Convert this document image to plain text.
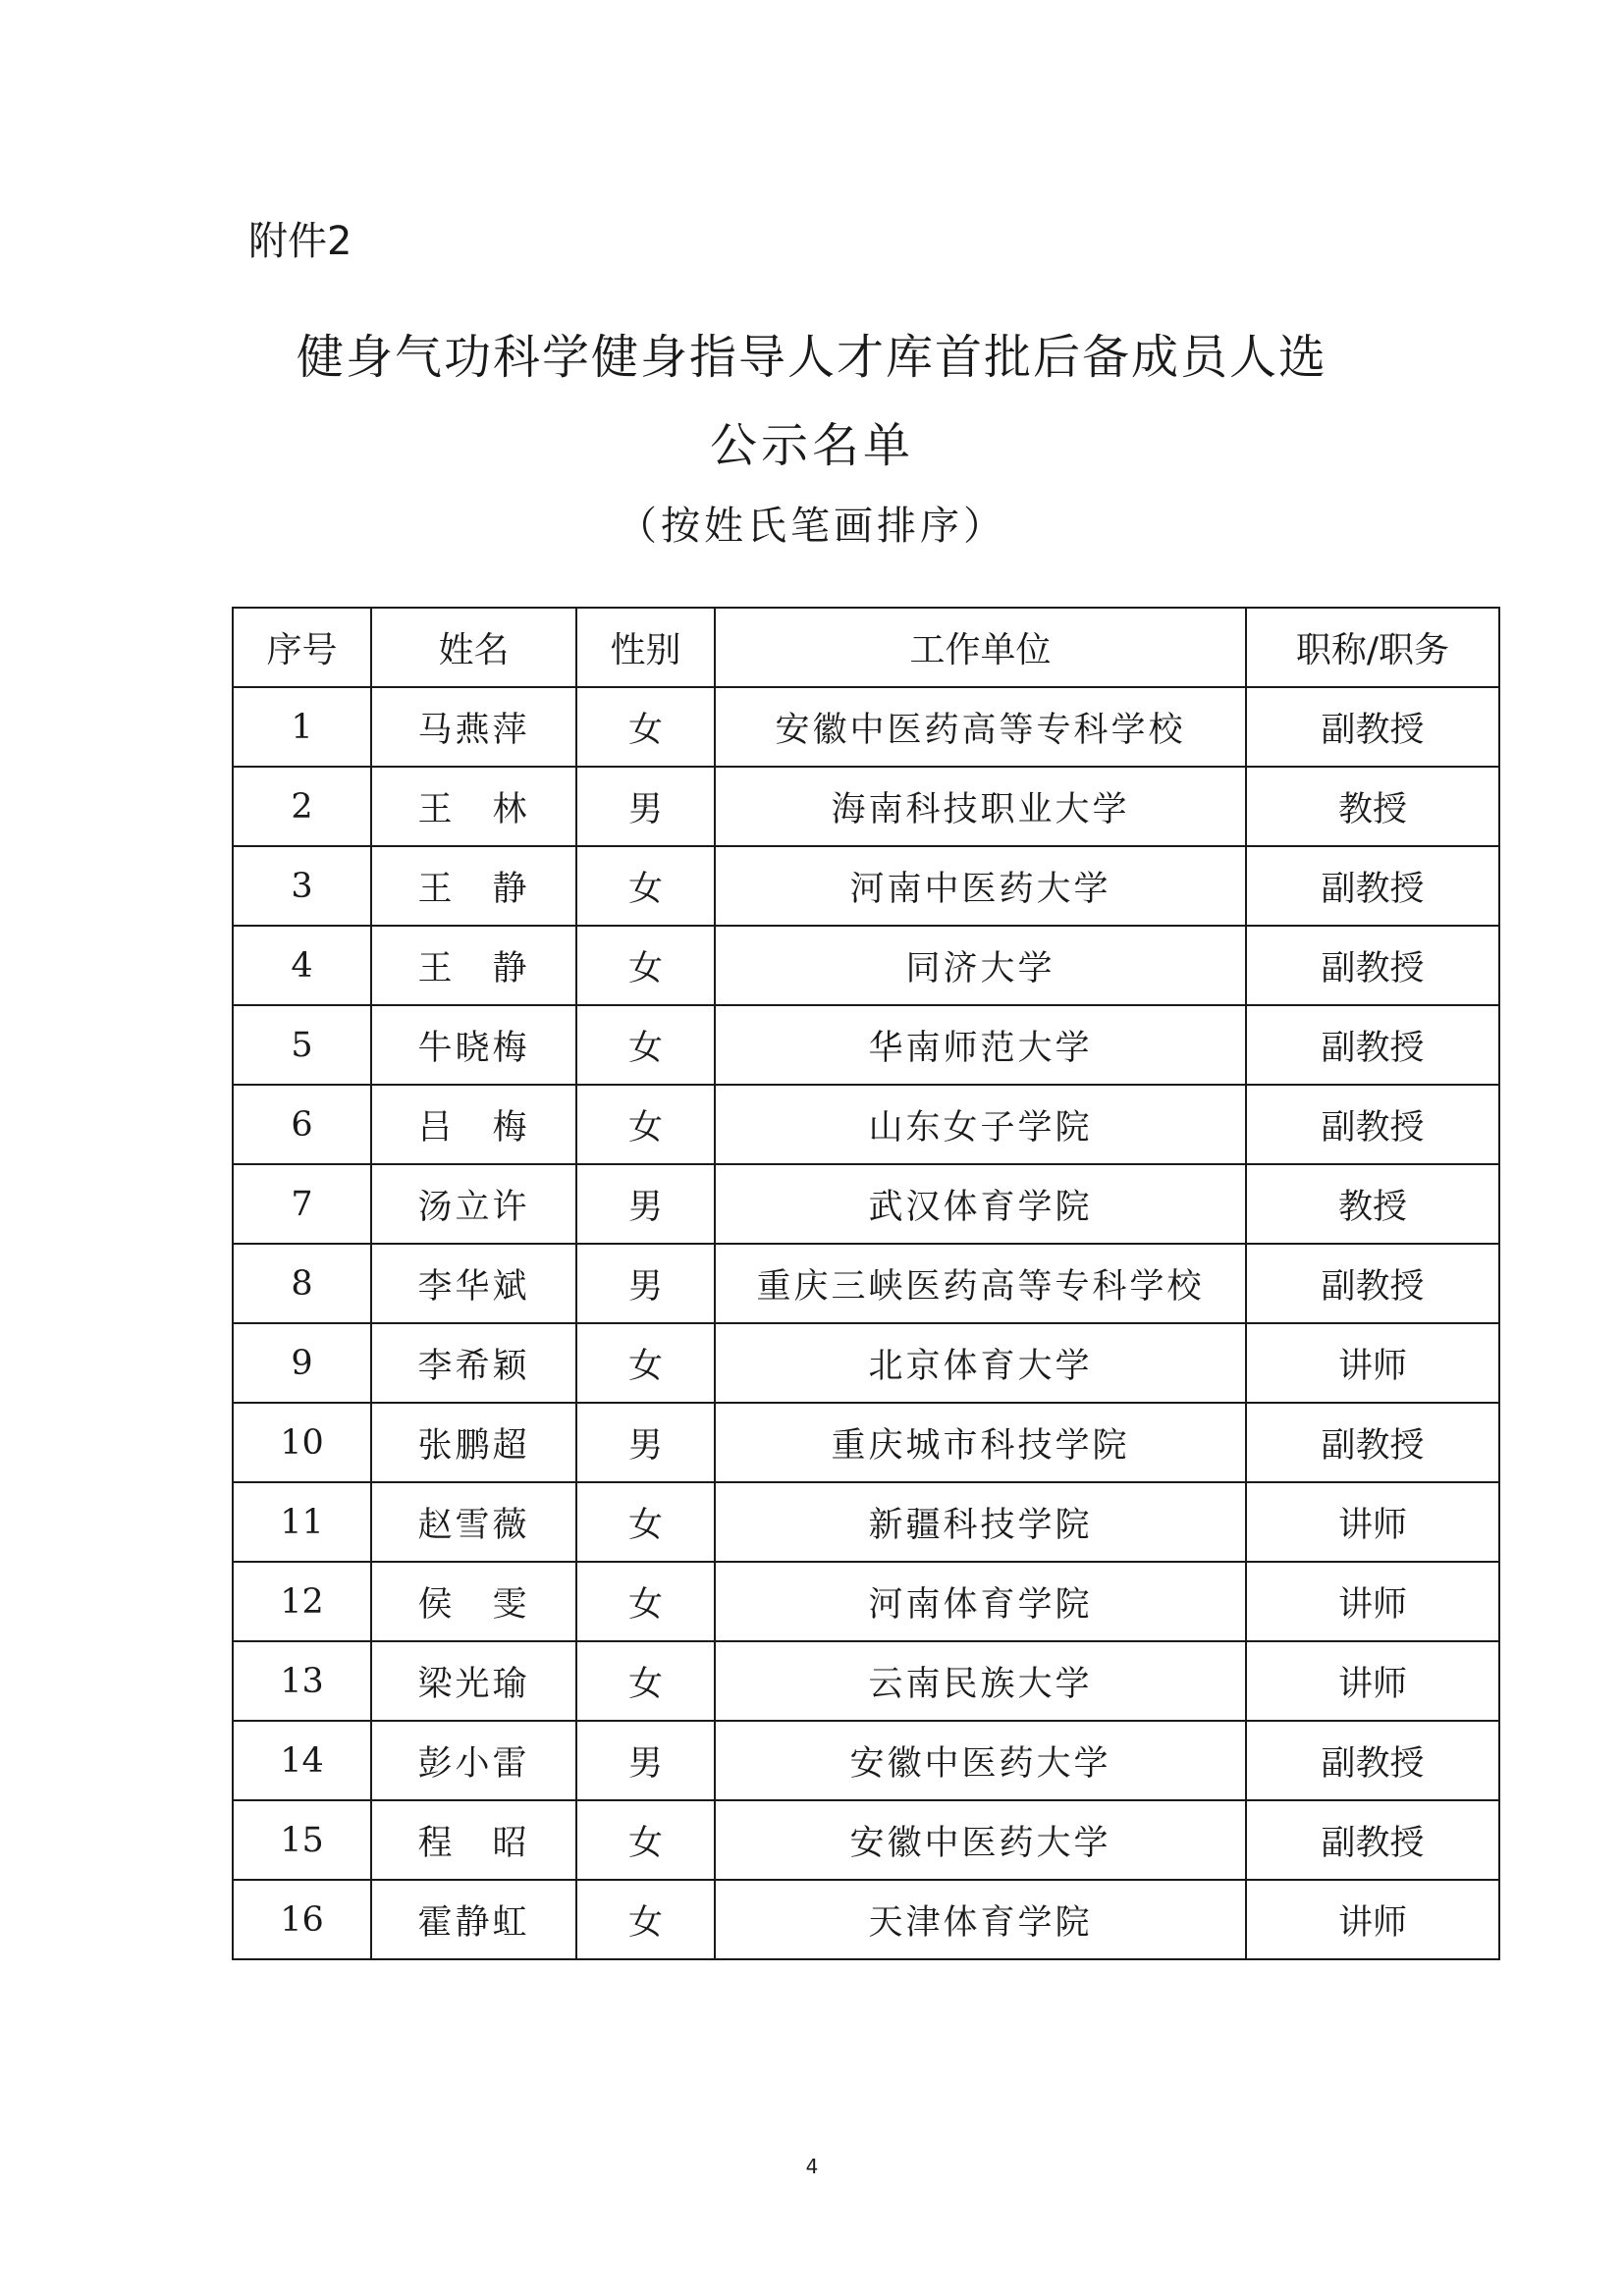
附件2
健身气功科学健身指导人才库首批后备成员人选
公示名单
（按姓氏笔画排序）
序号	姓名	性别	工作单位	职称/职务
1	马燕萍	女	安徽中医药高等专科学校	副教授
2	王　林	男	海南科技职业大学	教授
3	王　静	女	河南中医药大学	副教授
4	王　静	女	同济大学	副教授
5	牛晓梅	女	华南师范大学	副教授
6	吕　梅	女	山东女子学院	副教授
7	汤立许	男	武汉体育学院	教授
8	李华斌	男	重庆三峡医药高等专科学校	副教授
9	李希颖	女	北京体育大学	讲师
10	张鹏超	男	重庆城市科技学院	副教授
11	赵雪薇	女	新疆科技学院	讲师
12	侯　雯	女	河南体育学院	讲师
13	梁光瑜	女	云南民族大学	讲师
14	彭小雷	男	安徽中医药大学	副教授
15	程　昭	女	安徽中医药大学	副教授
16	霍静虹	女	天津体育学院	讲师
4
